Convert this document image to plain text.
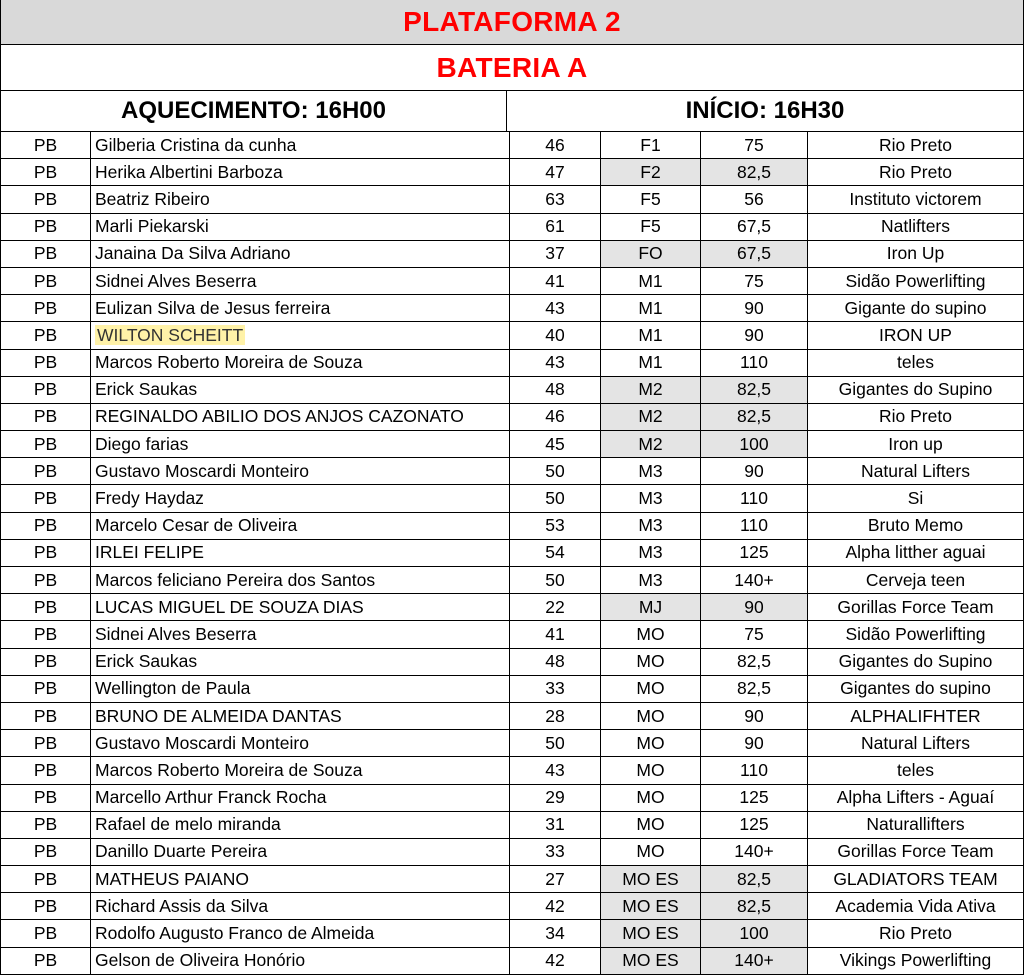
PLATAFORMA 2
BATERIA A
AQUECIMENTO: 16H00	INÍCIO: 16H30
PB	Gilberia Cristina da cunha	46	F1	75	Rio Preto
PB	Herika Albertini Barboza	47	F2	82,5	Rio Preto
PB	Beatriz Ribeiro	63	F5	56	Instituto victorem
PB	Marli Piekarski	61	F5	67,5	Natlifters
PB	Janaina Da Silva Adriano	37	FO	67,5	Iron Up
PB	Sidnei Alves Beserra	41	M1	75	Sidão Powerlifting
PB	Eulizan Silva de Jesus ferreira	43	M1	90	Gigante do supino
PB	WILTON SCHEITT	40	M1	90	IRON UP
PB	Marcos Roberto Moreira de Souza	43	M1	110	teles
PB	Erick Saukas	48	M2	82,5	Gigantes do Supino
PB	REGINALDO ABILIO DOS ANJOS CAZONATO	46	M2	82,5	Rio Preto
PB	Diego farias	45	M2	100	Iron up
PB	Gustavo Moscardi Monteiro	50	M3	90	Natural Lifters
PB	Fredy Haydaz	50	M3	110	Si
PB	Marcelo Cesar de Oliveira	53	M3	110	Bruto Memo
PB	IRLEI FELIPE	54	M3	125	Alpha litther aguai
PB	Marcos feliciano Pereira dos Santos	50	M3	140+	Cerveja teen
PB	LUCAS MIGUEL DE SOUZA DIAS	22	MJ	90	Gorillas Force Team
PB	Sidnei Alves Beserra	41	MO	75	Sidão Powerlifting
PB	Erick Saukas	48	MO	82,5	Gigantes do Supino
PB	Wellington de Paula	33	MO	82,5	Gigantes do supino
PB	BRUNO DE ALMEIDA DANTAS	28	MO	90	ALPHALIFHTER
PB	Gustavo Moscardi Monteiro	50	MO	90	Natural Lifters
PB	Marcos Roberto Moreira de Souza	43	MO	110	teles
PB	Marcello Arthur Franck Rocha	29	MO	125	Alpha Lifters - Aguaí
PB	Rafael de melo miranda	31	MO	125	Naturallifters
PB	Danillo Duarte Pereira	33	MO	140+	Gorillas Force Team
PB	MATHEUS PAIANO	27	MO ES	82,5	GLADIATORS TEAM
PB	Richard Assis da Silva	42	MO ES	82,5	Academia Vida Ativa
PB	Rodolfo Augusto Franco de Almeida	34	MO ES	100	Rio Preto
PB	Gelson de Oliveira Honório	42	MO ES	140+	Vikings Powerlifting
